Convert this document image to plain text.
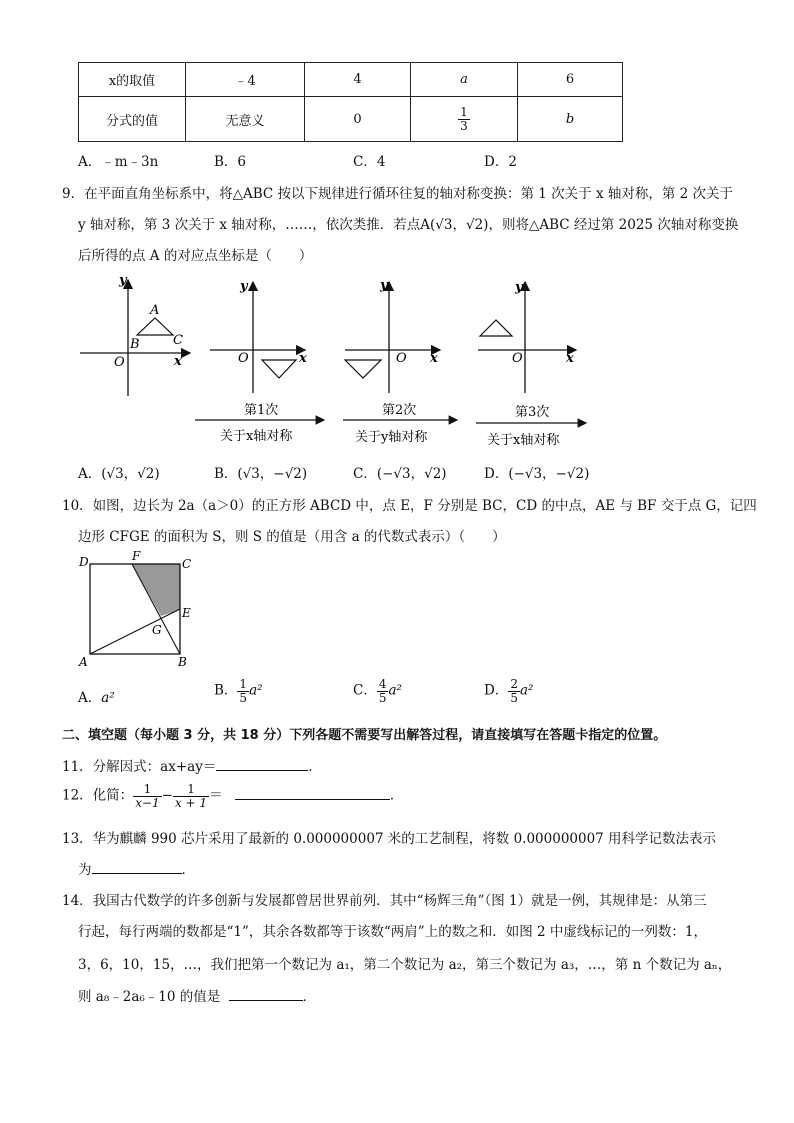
x的取值	﹣4	4	a	6
分式的值	无意义	0	$\frac{1}{3}$	b
A．﹣m﹣3n	B．6	C．4	D．2
9．在平面直角坐标系中，将△ABC 按以下规律进行循环往复的轴对称变换：第 1 次关于 x 轴对称，第 2 次关于
y 轴对称，第 3 次关于 x 轴对称，……，依次类推．若点A(√3，√2)，则将△ABC 经过第 2025 次轴对称变换
后所得的点 A 的对应点坐标是（　　）
y
x
O
A
B	C
y
x
O
y
x
O
y
x
O
第1次
关于x轴对称
第2次
关于y轴对称
第3次
关于x轴对称
A．(√3，√2)	B．(√3，−√2)	C．(−√3，√2)	D．(−√3，−√2)
10．如图，边长为 2a（a＞0）的正方形 ABCD 中，点 E，F 分别是 BC，CD 的中点，AE 与 BF 交于点 G，记四
边形 CFGE 的面积为 S，则 S 的值是（用含 a 的代数式表示）（　　）
D	F
C
E
G
A	B
A．a²	B． $\frac{1}{5} a^2$	C． $\frac{4}{5} a^2$	D． $\frac{2}{5} a^2$
二、填空题（每小题 3 分，共 18 分）下列各题不需要写出解答过程，请直接填写在答题卡指定的位置。
11．分解因式：ax+ay＝	．
12．化简： $\frac{1}{x-1} - \frac{1}{x + 1}$ ＝	．
13．华为麒麟 990 芯片采用了最新的 0.000000007 米的工艺制程，将数 0.000000007 用科学记数法表示
为	．
14．我国古代数学的许多创新与发展都曾居世界前列．其中“杨辉三角”（图 1）就是一例，其规律是：从第三
行起，每行两端的数都是“1”，其余各数都等于该数“两肩”上的数之和．如图 2 中虚线标记的一列数：1，
3，6，10，15，…，我们把第一个数记为 a₁，第二个数记为 a₂，第三个数记为 a₃，…，第 n 个数记为 aₙ，
则 a₈﹣2a₆﹣10 的值是	．
